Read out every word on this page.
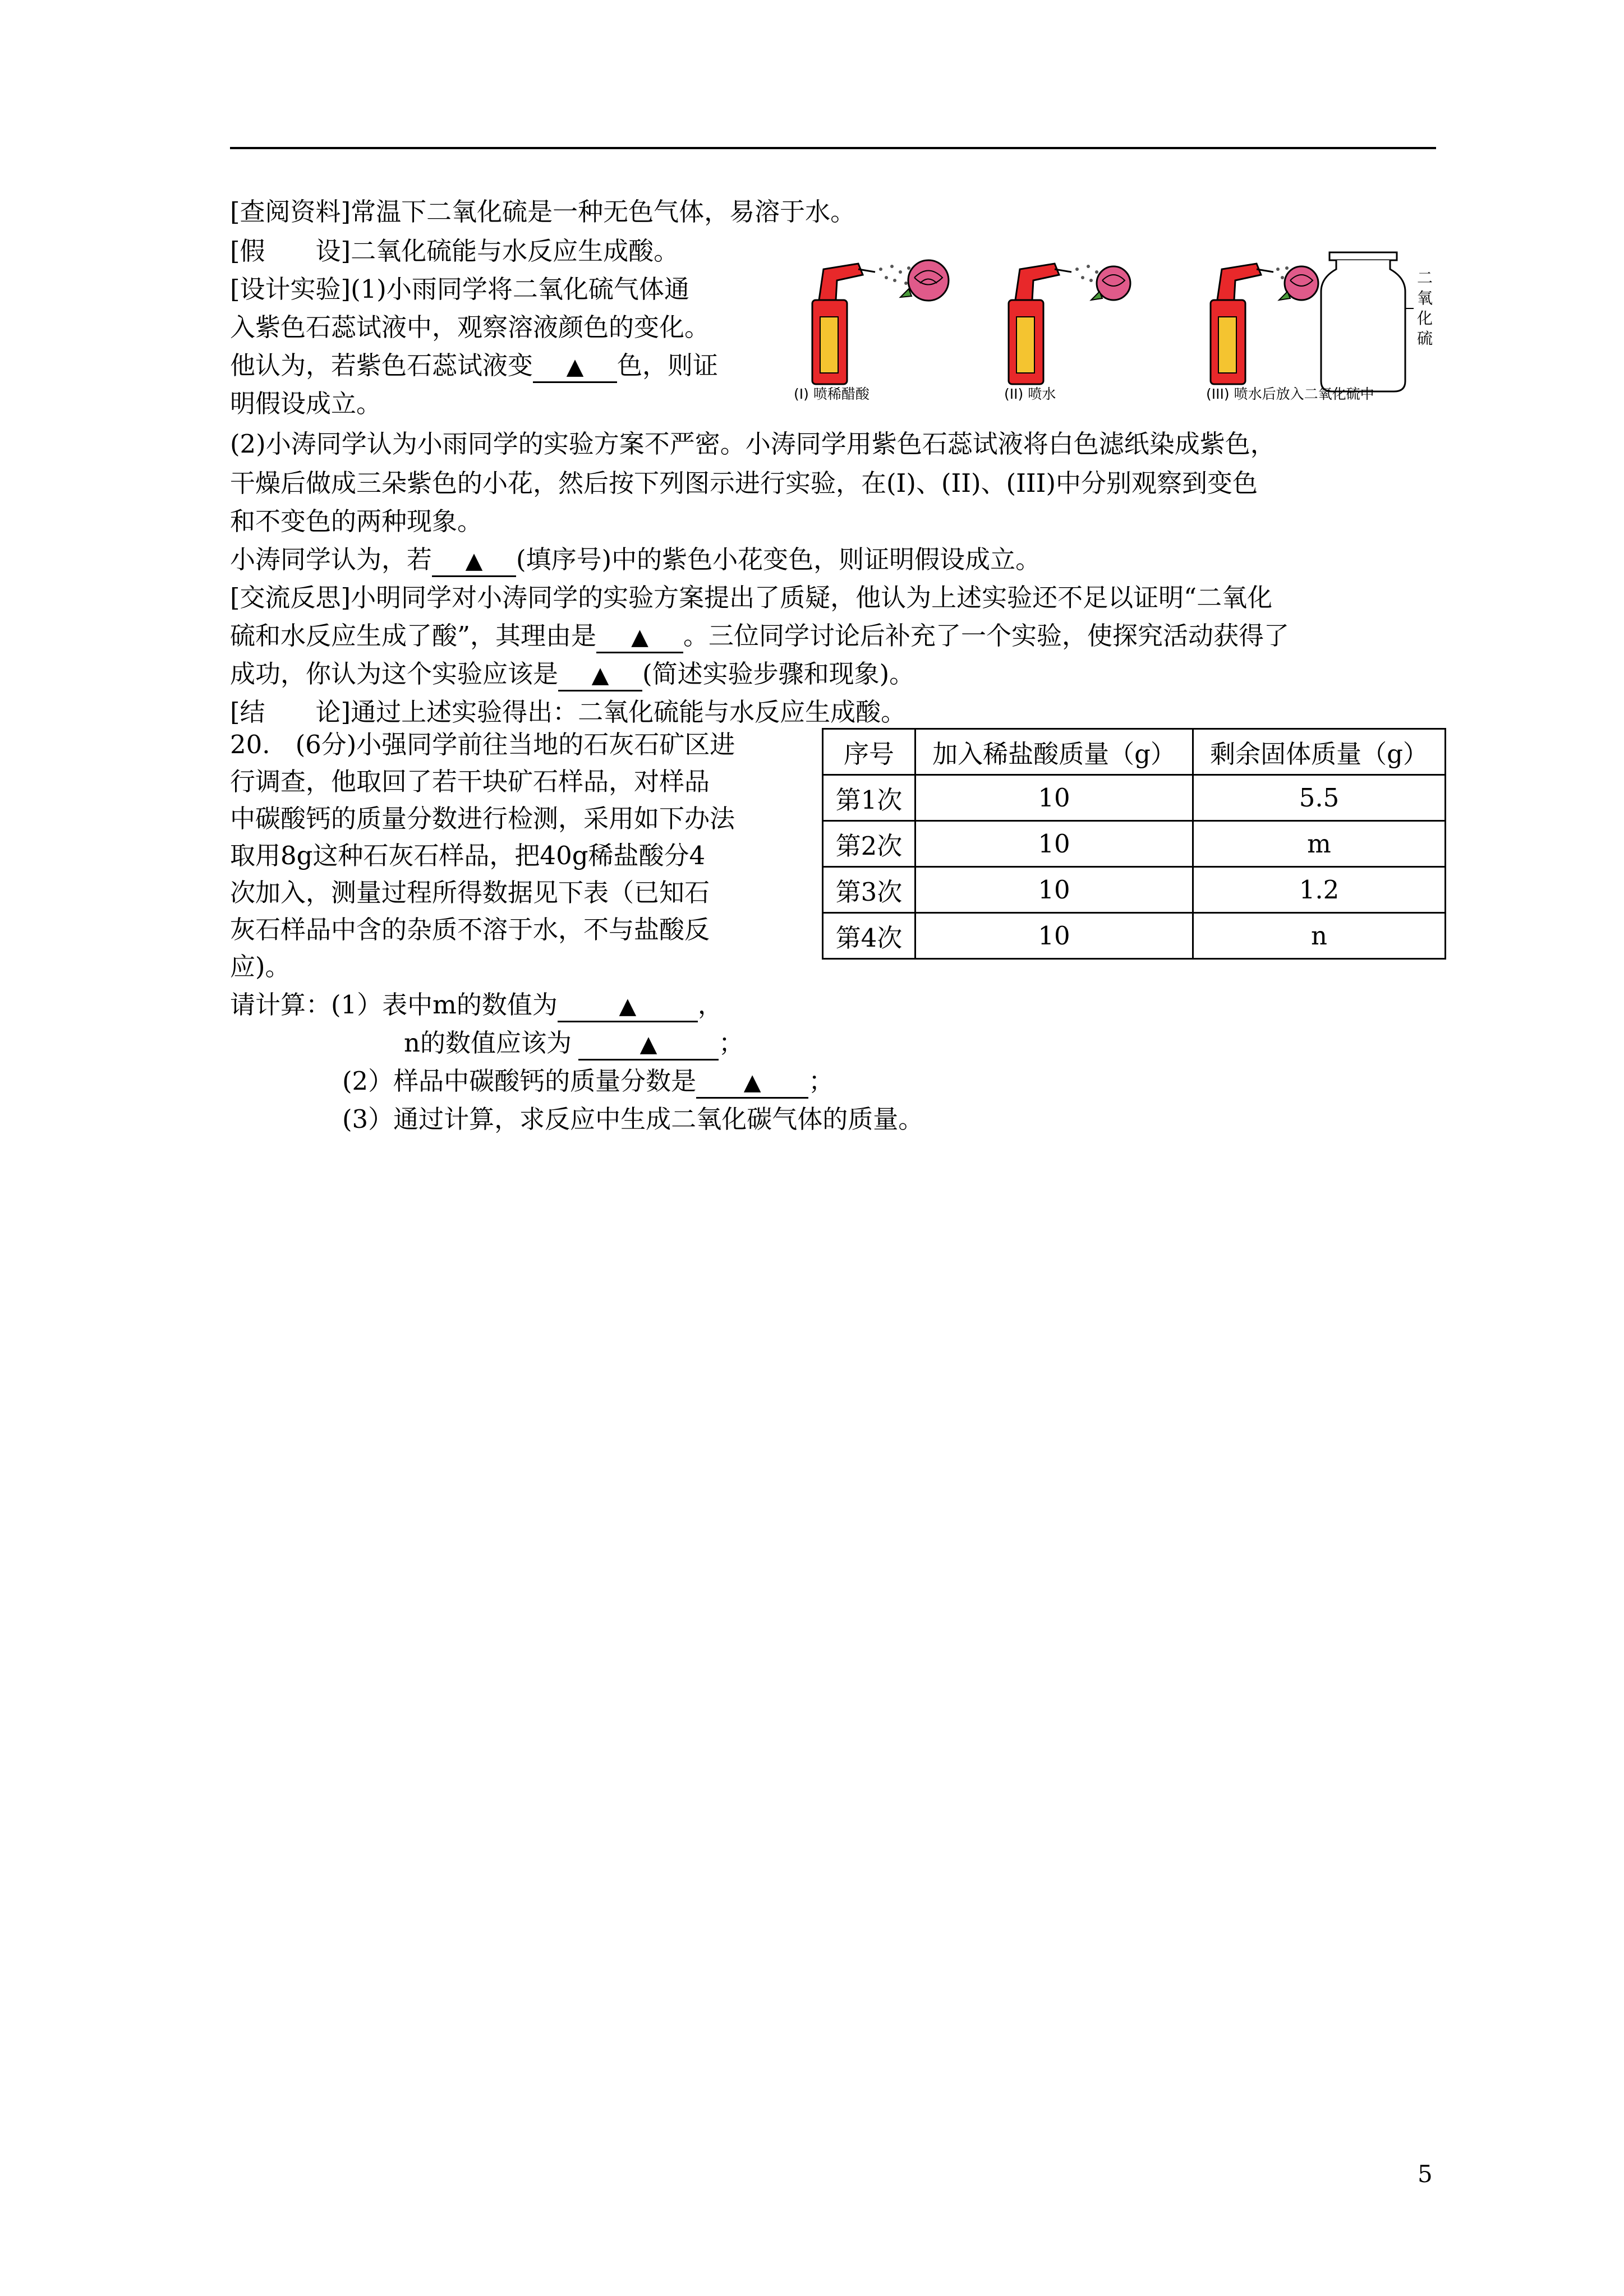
[查阅资料]常温下二氧化硫是一种无色气体，易溶于水。
[假　　设]二氧化硫能与水反应生成酸。
[设计实验](1)小雨同学将二氧化硫气体通
入紫色石蕊试液中，观察溶液颜色的变化。
他认为，若紫色石蕊试液变 ▲ 色，则证
明假设成立。
二
氧
化
硫
(I) 喷稀醋酸	(II) 喷水	(III) 喷水后放入二氧化硫中
(2)小涛同学认为小雨同学的实验方案不严密。小涛同学用紫色石蕊试液将白色滤纸染成紫色，
干燥后做成三朵紫色的小花，然后按下列图示进行实验，在(I)、(II)、(III)中分别观察到变色
和不变色的两种现象。
小涛同学认为，若 ▲ (填序号)中的紫色小花变色，则证明假设成立。
[交流反思]小明同学对小涛同学的实验方案提出了质疑，他认为上述实验还不足以证明“二氧化
硫和水反应生成了酸”，其理由是 ▲ 。三位同学讨论后补充了一个实验，使探究活动获得了
成功，你认为这个实验应该是 ▲ (简述实验步骤和现象)。
[结　　论]通过上述实验得出：二氧化硫能与水反应生成酸。
20.　(6分)小强同学前往当地的石灰石矿区进
行调查，他取回了若干块矿石样品，对样品
中碳酸钙的质量分数进行检测，采用如下办法
取用8g这种石灰石样品，把40g稀盐酸分4
次加入，测量过程所得数据见下表（已知石
灰石样品中含的杂质不溶于水，不与盐酸反
应)。
序号	加入稀盐酸质量（g）	剩余固体质量（g）
第1次	10	5.5
第2次	10	m
第3次	10	1.2
第4次	10	n
请计算：(1）表中m的数值为	▲ ，
n的数值应该为	▲ ；
(2）样品中碳酸钙的质量分数是 ▲ ；
(3）通过计算，求反应中生成二氧化碳气体的质量。
5
